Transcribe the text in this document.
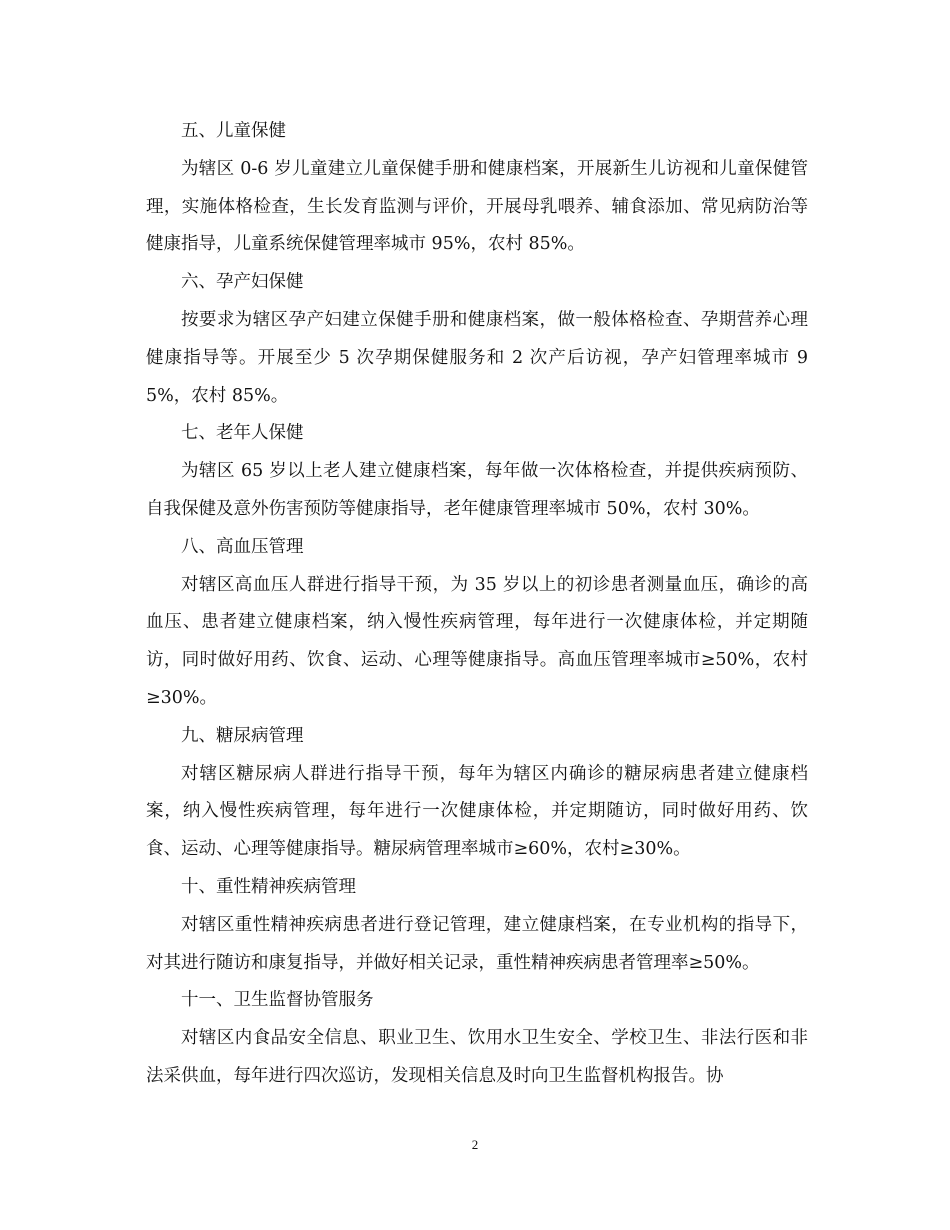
五、儿童保健

为辖区 0-6 岁儿童建立儿童保健手册和健康档案，开展新生儿访视和儿童保健管理，实施体格检查，生长发育监测与评价，开展母乳喂养、辅食添加、常见病防治等健康指导，儿童系统保健管理率城市 95%，农村 85%。

六、孕产妇保健

按要求为辖区孕产妇建立保健手册和健康档案，做一般体格检查、孕期营养心理健康指导等。开展至少 5 次孕期保健服务和 2 次产后访视，孕产妇管理率城市 95%，农村 85%。

七、老年人保健

为辖区 65 岁以上老人建立健康档案，每年做一次体格检查，并提供疾病预防、自我保健及意外伤害预防等健康指导，老年健康管理率城市 50%，农村 30%。

八、高血压管理

对辖区高血压人群进行指导干预，为 35 岁以上的初诊患者测量血压，确诊的高血压、患者建立健康档案，纳入慢性疾病管理，每年进行一次健康体检，并定期随访，同时做好用药、饮食、运动、心理等健康指导。高血压管理率城市≥50%，农村≥30%。

九、糖尿病管理

对辖区糖尿病人群进行指导干预，每年为辖区内确诊的糖尿病患者建立健康档案，纳入慢性疾病管理，每年进行一次健康体检，并定期随访，同时做好用药、饮食、运动、心理等健康指导。糖尿病管理率城市≥60%，农村≥30%。

十、重性精神疾病管理

对辖区重性精神疾病患者进行登记管理，建立健康档案，在专业机构的指导下，对其进行随访和康复指导，并做好相关记录，重性精神疾病患者管理率≥50%。

十一、卫生监督协管服务

对辖区内食品安全信息、职业卫生、饮用水卫生安全、学校卫生、非法行医和非法采供血，每年进行四次巡访，发现相关信息及时向卫生监督机构报告。协

2
